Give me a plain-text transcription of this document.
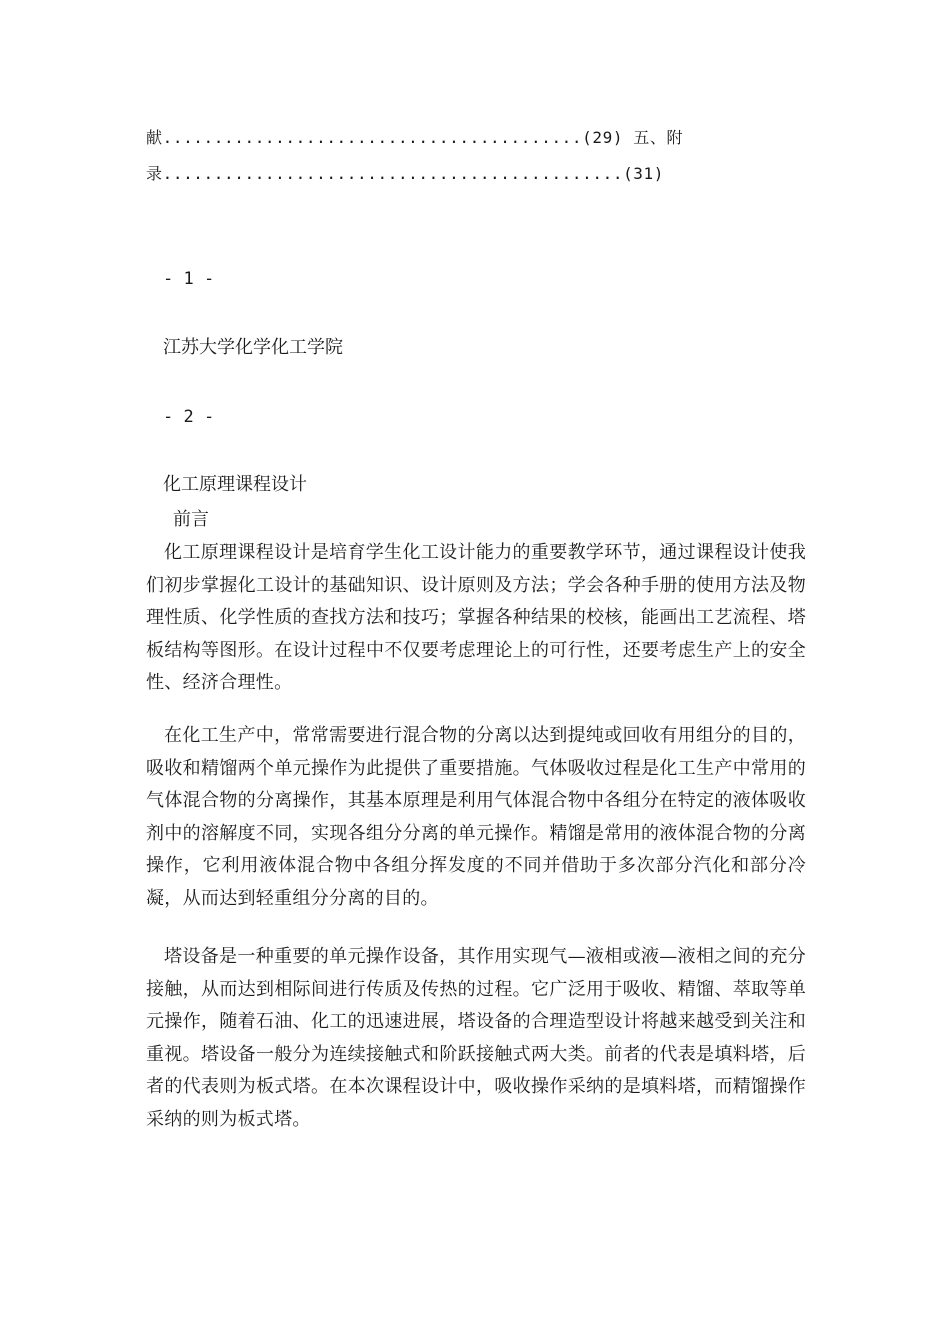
献.........................................(29) 五、附
录.............................................(31)
- 1 -
江苏大学化学化工学院
- 2 -
化工原理课程设计
前言

化工原理课程设计是培育学生化工设计能力的重要教学环节，通过课程设计使我们初步掌握化工设计的基础知识、设计原则及方法；学会各种手册的使用方法及物理性质、化学性质的查找方法和技巧；掌握各种结果的校核，能画出工艺流程、塔板结构等图形。在设计过程中不仅要考虑理论上的可行性，还要考虑生产上的安全性、经济合理性。

在化工生产中，常常需要进行混合物的分离以达到提纯或回收有用组分的目的，吸收和精馏两个单元操作为此提供了重要措施。气体吸收过程是化工生产中常用的气体混合物的分离操作，其基本原理是利用气体混合物中各组分在特定的液体吸收剂中的溶解度不同，实现各组分分离的单元操作。精馏是常用的液体混合物的分离操作，它利用液体混合物中各组分挥发度的不同并借助于多次部分汽化和部分冷凝，从而达到轻重组分分离的目的。

塔设备是一种重要的单元操作设备，其作用实现气—液相或液—液相之间的充分接触，从而达到相际间进行传质及传热的过程。它广泛用于吸收、精馏、萃取等单元操作，随着石油、化工的迅速进展，塔设备的合理造型设计将越来越受到关注和重视。塔设备一般分为连续接触式和阶跃接触式两大类。前者的代表是填料塔，后者的代表则为板式塔。在本次课程设计中，吸收操作采纳的是填料塔，而精馏操作采纳的则为板式塔。
